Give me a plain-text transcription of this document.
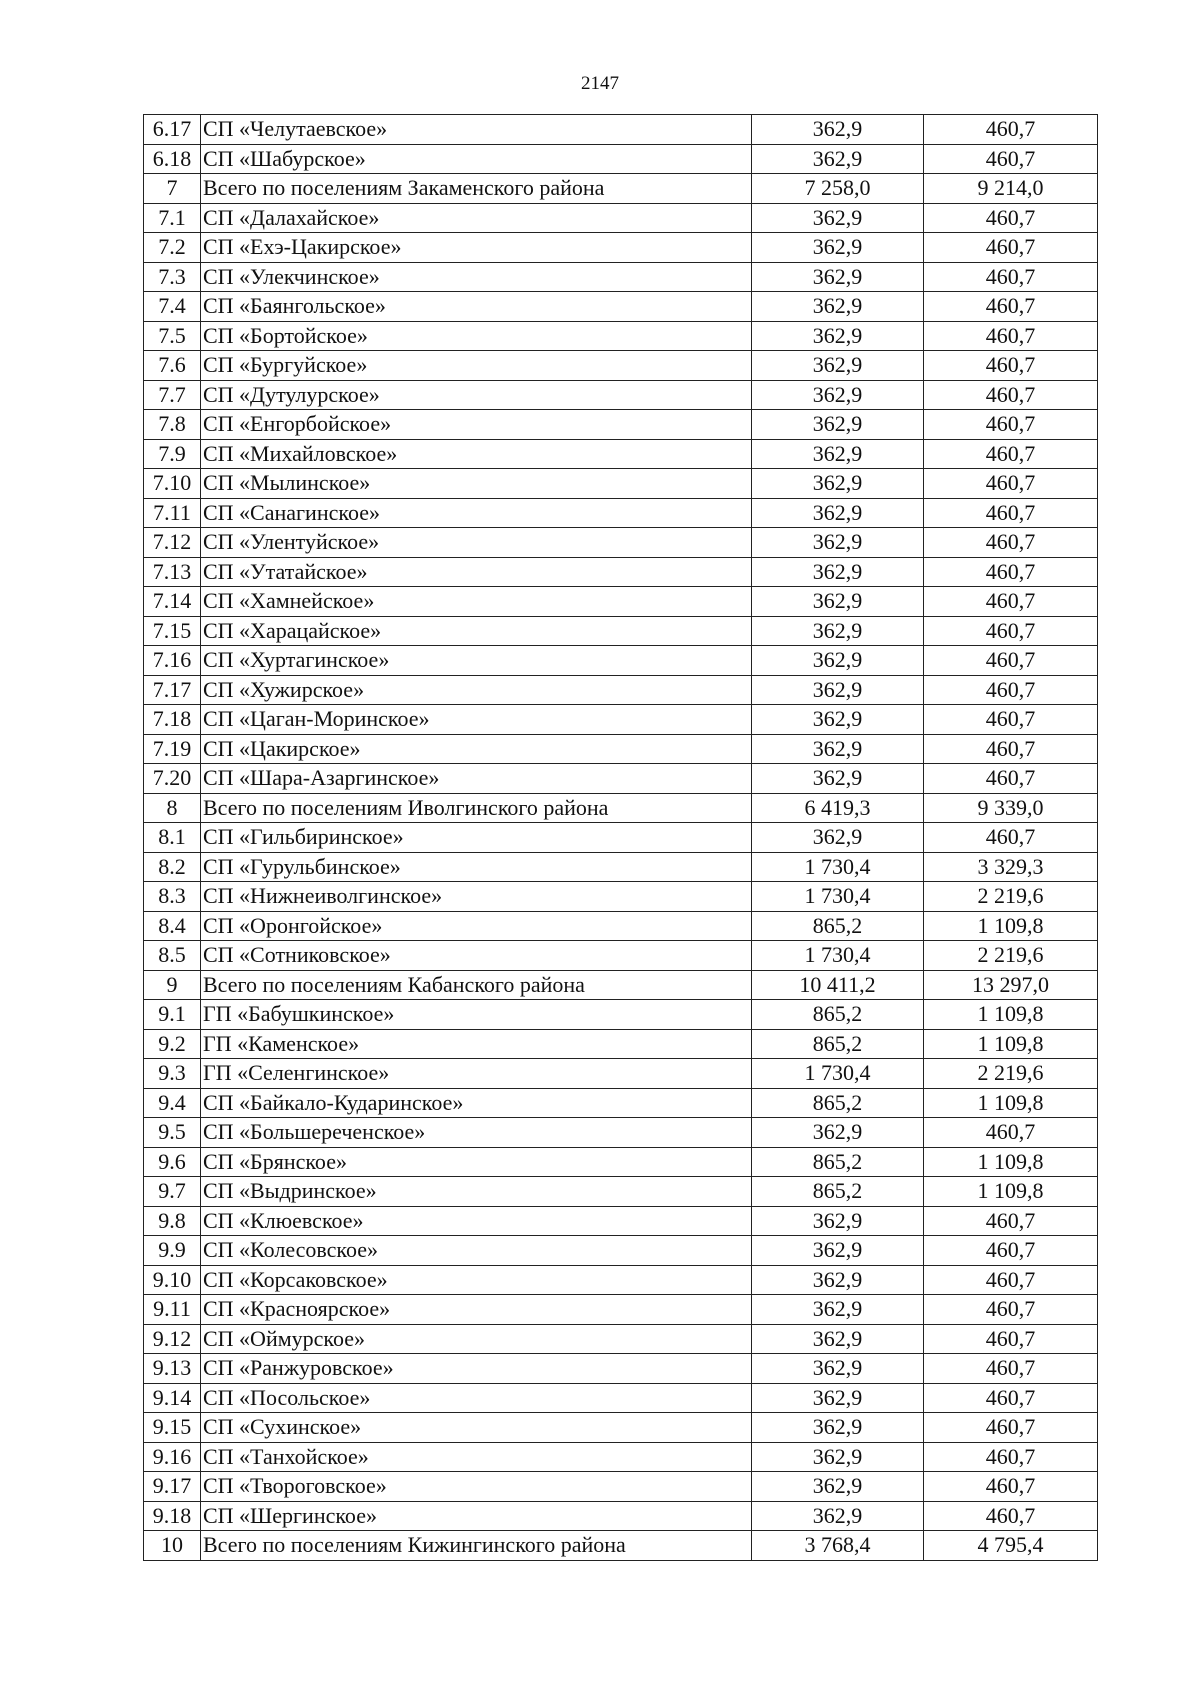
2147
6.17	СП «Челутаевское»	362,9	460,7
6.18	СП «Шабурское»	362,9	460,7
7	Всего по поселениям Закаменского района	7 258,0	9 214,0
7.1	СП «Далахайское»	362,9	460,7
7.2	СП «Ехэ-Цакирское»	362,9	460,7
7.3	СП «Улекчинское»	362,9	460,7
7.4	СП «Баянгольское»	362,9	460,7
7.5	СП «Бортойское»	362,9	460,7
7.6	СП «Бургуйское»	362,9	460,7
7.7	СП «Дутулурское»	362,9	460,7
7.8	СП «Енгорбойское»	362,9	460,7
7.9	СП «Михайловское»	362,9	460,7
7.10	СП «Мылинское»	362,9	460,7
7.11	СП «Санагинское»	362,9	460,7
7.12	СП «Улентуйское»	362,9	460,7
7.13	СП «Утатайское»	362,9	460,7
7.14	СП «Хамнейское»	362,9	460,7
7.15	СП «Харацайское»	362,9	460,7
7.16	СП «Хуртагинское»	362,9	460,7
7.17	СП «Хужирское»	362,9	460,7
7.18	СП «Цаган-Моринское»	362,9	460,7
7.19	СП «Цакирское»	362,9	460,7
7.20	СП «Шара-Азаргинское»	362,9	460,7
8	Всего по поселениям Иволгинского района	6 419,3	9 339,0
8.1	СП «Гильбиринское»	362,9	460,7
8.2	СП «Гурульбинское»	1 730,4	3 329,3
8.3	СП «Нижнеиволгинское»	1 730,4	2 219,6
8.4	СП «Оронгойское»	865,2	1 109,8
8.5	СП «Сотниковское»	1 730,4	2 219,6
9	Всего по поселениям Кабанского района	10 411,2	13 297,0
9.1	ГП «Бабушкинское»	865,2	1 109,8
9.2	ГП «Каменское»	865,2	1 109,8
9.3	ГП «Селенгинское»	1 730,4	2 219,6
9.4	СП «Байкало-Кударинское»	865,2	1 109,8
9.5	СП «Большереченское»	362,9	460,7
9.6	СП «Брянское»	865,2	1 109,8
9.7	СП «Выдринское»	865,2	1 109,8
9.8	СП «Клюевское»	362,9	460,7
9.9	СП «Колесовское»	362,9	460,7
9.10	СП «Корсаковское»	362,9	460,7
9.11	СП «Красноярское»	362,9	460,7
9.12	СП «Оймурское»	362,9	460,7
9.13	СП «Ранжуровское»	362,9	460,7
9.14	СП «Посольское»	362,9	460,7
9.15	СП «Сухинское»	362,9	460,7
9.16	СП «Танхойское»	362,9	460,7
9.17	СП «Твороговское»	362,9	460,7
9.18	СП «Шергинское»	362,9	460,7
10	Всего по поселениям Кижингинского района	3 768,4	4 795,4
